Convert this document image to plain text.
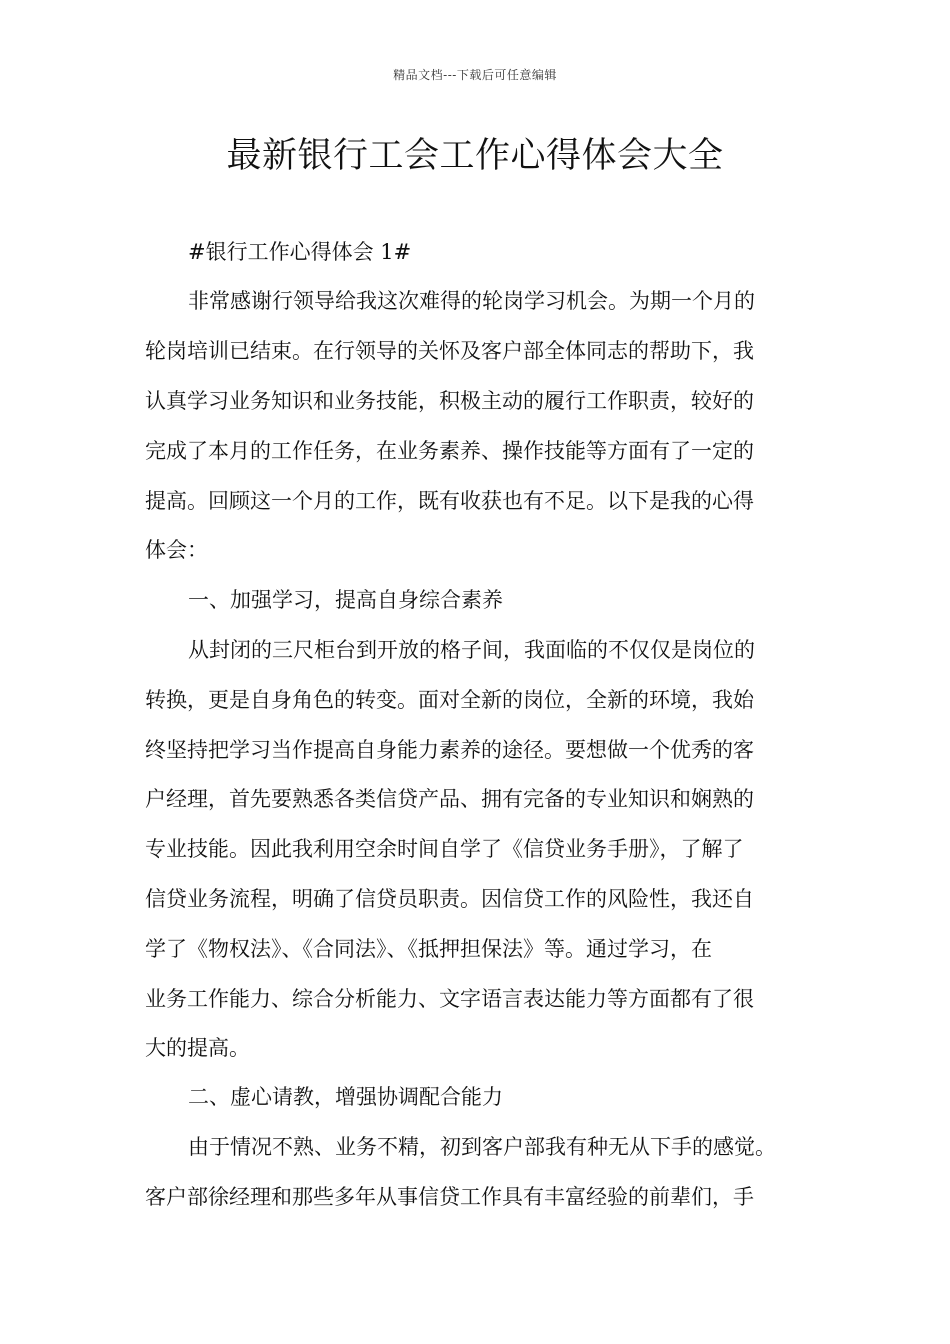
精品文档---下载后可任意编辑
最新银行工会工作心得体会大全
#银行工作心得体会 1#
非常感谢行领导给我这次难得的轮岗学习机会。为期一个月的
轮岗培训已结束。在行领导的关怀及客户部全体同志的帮助下，我
认真学习业务知识和业务技能，积极主动的履行工作职责，较好的
完成了本月的工作任务，在业务素养、操作技能等方面有了一定的
提高。回顾这一个月的工作，既有收获也有不足。以下是我的心得
体会：
一、加强学习，提高自身综合素养
从封闭的三尺柜台到开放的格子间，我面临的不仅仅是岗位的
转换，更是自身角色的转变。面对全新的岗位，全新的环境，我始
终坚持把学习当作提高自身能力素养的途径。要想做一个优秀的客
户经理，首先要熟悉各类信贷产品、拥有完备的专业知识和娴熟的
专业技能。因此我利用空余时间自学了《信贷业务手册》，了解了
信贷业务流程，明确了信贷员职责。因信贷工作的风险性，我还自
学了《物权法》、《合同法》、《抵押担保法》等。通过学习，在
业务工作能力、综合分析能力、文字语言表达能力等方面都有了很
大的提高。
二、虚心请教，增强协调配合能力
由于情况不熟、业务不精，初到客户部我有种无从下手的感觉。
客户部徐经理和那些多年从事信贷工作具有丰富经验的前辈们，手
